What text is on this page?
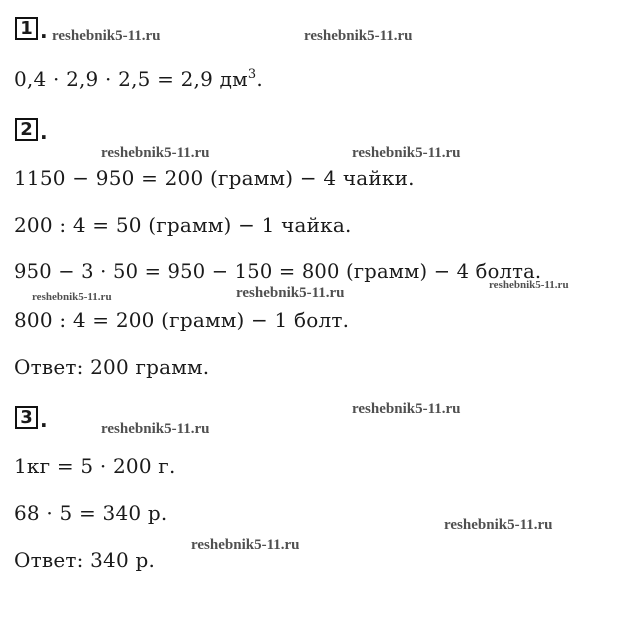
1 .
0,4 · 2,9 · 2,5 = 2,9 $дм^3$.
2 .
1150 − 950 = 200 (грамм) − 4 чайки.
200 : 4 = 50 (грамм) − 1 чайка.
950 − 3 · 50 = 950 − 150 = 800 (грамм) − 4 болта.
800 : 4 = 200 (грамм) − 1 болт.
Ответ: 200 грамм.
3 .
1кг = 5 · 200 г.
68 · 5 = 340 р.
Ответ: 340 р.
reshebnik5-11.ru	reshebnik5-11.ru
reshebnik5-11.ru	reshebnik5-11.ru
reshebnik5-11.ru	reshebnik5-11.ru	reshebnik5-11.ru
reshebnik5-11.ru
reshebnik5-11.ru
reshebnik5-11.ru
reshebnik5-11.ru
